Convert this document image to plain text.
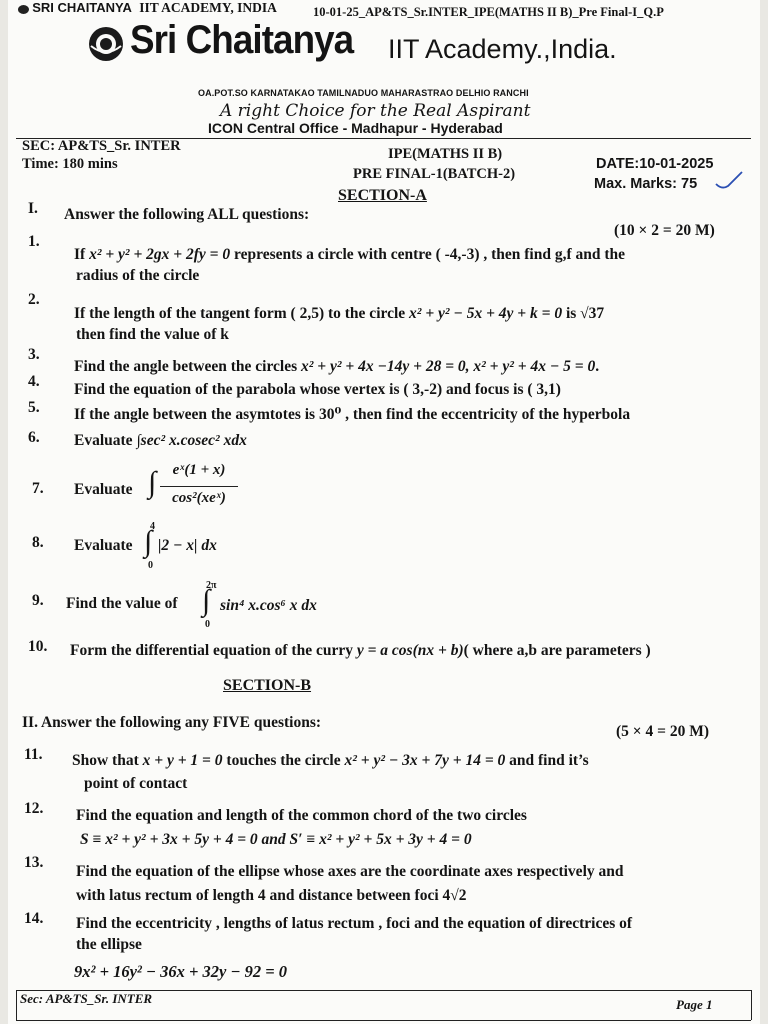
SRI CHAITANYA IIT ACADEMY, INDIA	10-01-25_AP&TS_Sr.INTER_IPE(MATHS II B)_Pre Final-I_Q.P
Sri Chaitanya IIT Academy.,India.
OA.POT.SO KARNATAKAO TAMILNADUO MAHARASTRAO DELHIO RANCHI
A right Choice for the Real Aspirant
ICON Central Office - Madhapur - Hyderabad
SEC: AP&TS_Sr. INTER
Time: 180 mins
IPE(MATHS II B)
PRE FINAL-1(BATCH-2)
DATE:10-01-2025
Max. Marks: 75
SECTION-A
I. Answer the following ALL questions:
(10 × 2 = 20 M)
1.
If x² + y² + 2gx + 2fy = 0 represents a circle with centre ( -4,-3) , then find g,f and the
radius of the circle
2.
If the length of the tangent form ( 2,5) to the circle x² + y² − 5x + 4y + k = 0 is √37
then find the value of k
3.
Find the angle between the circles x² + y² + 4x −14y + 28 = 0, x² + y² + 4x − 5 = 0.
4. Find the equation of the parabola whose vertex is ( 3,-2) and focus is ( 3,1)
5. If the angle between the asymtotes is 30⁰ , then find the eccentricity of the hyperbola
6. Evaluate ∫sec² x.cosec² xdx
7. Evaluate ∫	eˣ(1 + x)
cos²(xeˣ)
8. Evaluate
4
∫
0
|2 − x| dx
9. Find the value of
2π
∫
0
sin⁴ x.cos⁶ x dx
10. Form the differential equation of the curry y = a cos(nx + b)( where a,b are parameters )
SECTION-B
II. Answer the following any FIVE questions:
(5 × 4 = 20 M)
11. Show that x + y + 1 = 0 touches the circle x² + y² − 3x + 7y + 14 = 0 and find it’s
point of contact
12. Find the equation and length of the common chord of the two circles
S ≡ x² + y² + 3x + 5y + 4 = 0 and S′ ≡ x² + y² + 5x + 3y + 4 = 0
13.
Find the equation of the ellipse whose axes are the coordinate axes respectively and
with latus rectum of length 4 and distance between foci 4√2
14. Find the eccentricity , lengths of latus rectum , foci and the equation of directrices of
the ellipse
9x² + 16y² − 36x + 32y − 92 = 0
Sec: AP&TS_Sr. INTER	Page 1
